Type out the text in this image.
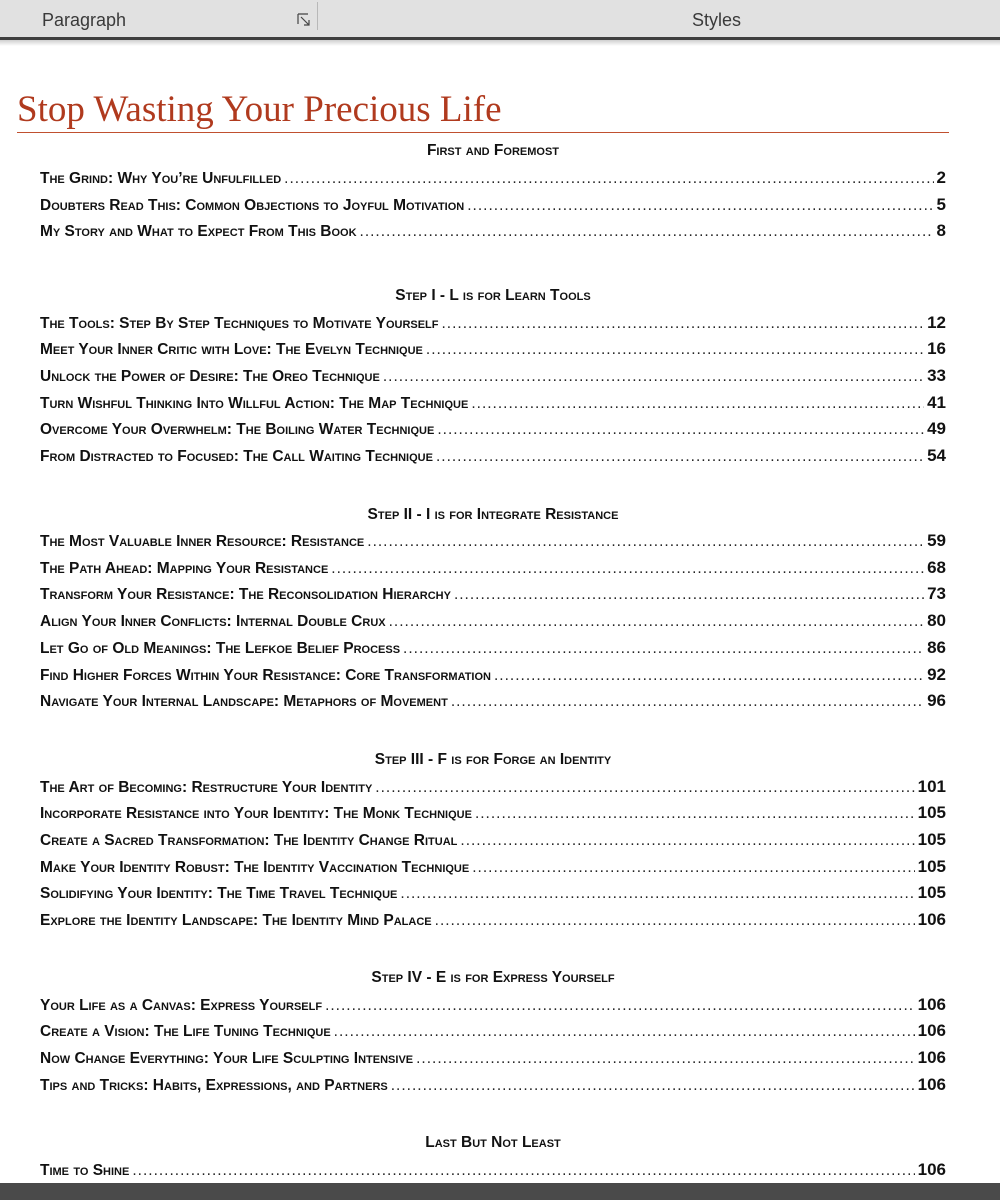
Paragraph	Styles
Stop Wasting Your Precious Life
First and Foremost
The Grind: Why You’re Unfulfilled .....	2
Doubters Read This: Common Objections to Joyful Motivation .....	5
My Story and What to Expect From This Book .....	8
Step I - L is for Learn Tools
The Tools: Step By Step Techniques to Motivate Yourself .....	12
Meet Your Inner Critic with Love: The Evelyn Technique .....	16
Unlock the Power of Desire: The Oreo Technique .....	33
Turn Wishful Thinking Into Willful Action: The Map Technique .....	41
Overcome Your Overwhelm: The Boiling Water Technique .....	49
From Distracted to Focused: The Call Waiting Technique .....	54
Step II - I is for Integrate Resistance
The Most Valuable Inner Resource: Resistance .....	59
The Path Ahead: Mapping Your Resistance .....	68
Transform Your Resistance: The Reconsolidation Hierarchy .....	73
Align Your Inner Conflicts: Internal Double Crux .....	80
Let Go of Old Meanings: The Lefkoe Belief Process .....	86
Find Higher Forces Within Your Resistance: Core Transformation .....	92
Navigate Your Internal Landscape: Metaphors of Movement .....	96
Step III - F is for Forge an Identity
The Art of Becoming: Restructure Your Identity .....	101
Incorporate Resistance into Your Identity: The Monk Technique .....	105
Create a Sacred Transformation: The Identity Change Ritual .....	105
Make Your Identity Robust: The Identity Vaccination Technique .....	105
Solidifying Your Identity: The Time Travel Technique .....	105
Explore the Identity Landscape: The Identity Mind Palace .....	106
Step IV - E is for Express Yourself
Your Life as a Canvas: Express Yourself .....	106
Create a Vision: The Life Tuning Technique .....	106
Now Change Everything: Your Life Sculpting Intensive .....	106
Tips and Tricks: Habits, Expressions, and Partners .....	106
Last But Not Least
Time to Shine .....	106
